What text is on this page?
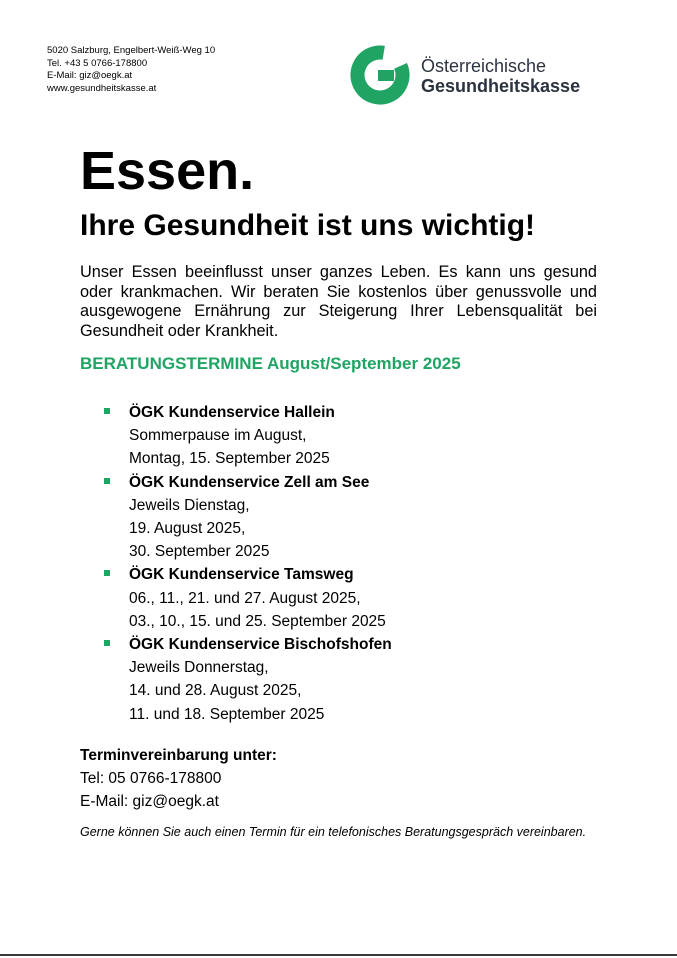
5020 Salzburg, Engelbert-Weiß-Weg 10
Tel. +43 5 0766-178800
E-Mail: giz@oegk.at
www.gesundheitskasse.at
Österreichische
Gesundheitskasse
Essen.
Ihre Gesundheit ist uns wichtig!

Unser Essen beeinflusst unser ganzes Leben. Es kann uns gesund oder krankmachen. Wir beraten Sie kostenlos über genussvolle und ausgewogene Ernährung zur Steigerung Ihrer Lebensqualität bei Gesundheit oder Krankheit.

BERATUNGSTERMINE August/September 2025
ÖGK Kundenservice Hallein
Sommerpause im August,
Montag, 15. September 2025
ÖGK Kundenservice Zell am See
Jeweils Dienstag,
19. August 2025,
30. September 2025
ÖGK Kundenservice Tamsweg
06., 11., 21. und 27. August 2025,
03., 10., 15. und 25. September 2025
ÖGK Kundenservice Bischofshofen
Jeweils Donnerstag,
14. und 28. August 2025,
11. und 18. September 2025
Terminvereinbarung unter:
Tel: 05 0766-178800
E-Mail: giz@oegk.at

Gerne können Sie auch einen Termin für ein telefonisches Beratungsgespräch vereinbaren.
